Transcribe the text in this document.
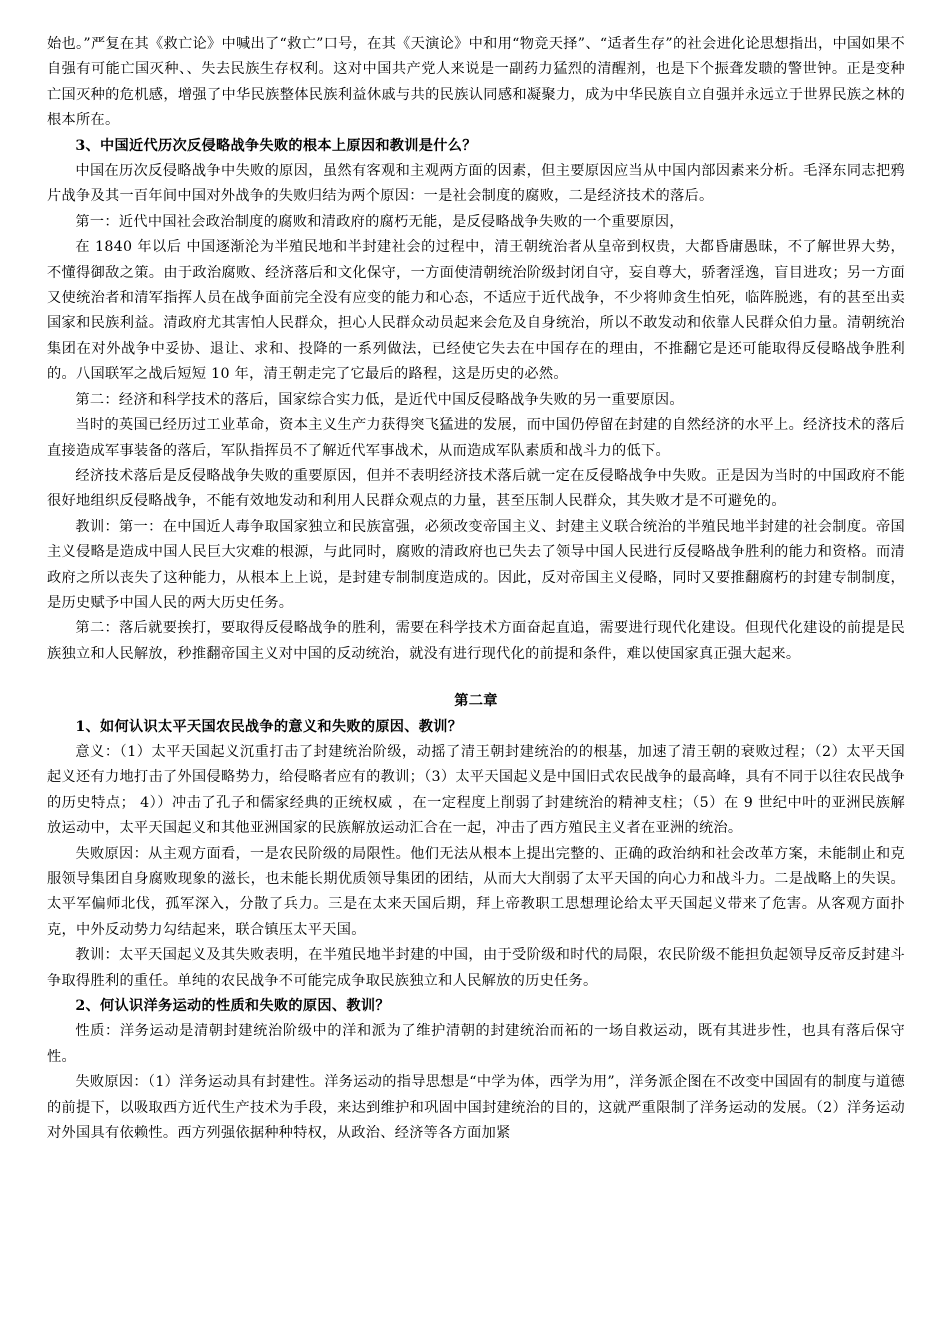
始也。”严复在其《救亡论》中喊出了“救亡”口号，在其《天演论》中和用“物竞天择”、“适者生存”的社会进化论思想指出，中国如果不自强有可能亡国灭种、、失去民族生存权利。这对中国共产党人来说是一副药力猛烈的清醒剂，也是下个振聋发聩的警世钟。正是变种亡国灭种的危机感，增强了中华民族整体民族利益休戚与共的民族认同感和凝聚力，成为中华民族自立自强并永远立于世界民族之林的根本所在。

3、中国近代历次反侵略战争失败的根本上原因和教训是什么？

中国在历次反侵略战争中失败的原因，虽然有客观和主观两方面的因素，但主要原因应当从中国内部因素来分析。毛泽东同志把鸦片战争及其一百年间中国对外战争的失败归结为两个原因：一是社会制度的腐败，二是经济技术的落后。

第一：近代中国社会政治制度的腐败和清政府的腐朽无能，是反侵略战争失败的一个重要原因，

在 1840 年以后 中国逐渐沦为半殖民地和半封建社会的过程中，清王朝统治者从皇帝到权贵，大都昏庸愚昧，不了解世界大势，不懂得御敌之策。由于政治腐败、经济落后和文化保守，一方面使清朝统治阶级封闭自守，妄自尊大，骄奢淫逸，盲目进攻；另一方面又使统治者和清军指挥人员在战争面前完全没有应变的能力和心态，不适应于近代战争，不少将帅贪生怕死，临阵脱逃，有的甚至出卖国家和民族利益。清政府尤其害怕人民群众，担心人民群众动员起来会危及自身统治，所以不敢发动和依靠人民群众伯力量。清朝统治集团在对外战争中妥协、退让、求和、投降的一系列做法，已经使它失去在中国存在的理由，不推翻它是还可能取得反侵略战争胜利的。八国联军之战后短短 10 年，清王朝走完了它最后的路程，这是历史的必然。

第二：经济和科学技术的落后，国家综合实力低，是近代中国反侵略战争失败的另一重要原因。

当时的英国已经历过工业革命，资本主义生产力获得突飞猛进的发展，而中国仍停留在封建的自然经济的水平上。经济技术的落后直接造成军事装备的落后，军队指挥员不了解近代军事战术，从而造成军队素质和战斗力的低下。

经济技术落后是反侵略战争失败的重要原因，但并不表明经济技术落后就一定在反侵略战争中失败。正是因为当时的中国政府不能很好地组织反侵略战争，不能有效地发动和利用人民群众观点的力量，甚至压制人民群众，其失败才是不可避免的。

教训：第一：在中国近人毒争取国家独立和民族富强，必须改变帝国主义、封建主义联合统治的半殖民地半封建的社会制度。帝国主义侵略是造成中国人民巨大灾难的根源，与此同时，腐败的清政府也已失去了领导中国人民进行反侵略战争胜利的能力和资格。而清政府之所以丧失了这种能力，从根本上上说，是封建专制制度造成的。因此，反对帝国主义侵略，同时又要推翻腐朽的封建专制制度，是历史赋予中国人民的两大历史任务。

第二：落后就要挨打，要取得反侵略战争的胜利，需要在科学技术方面奋起直追，需要进行现代化建设。但现代化建设的前提是民族独立和人民解放，秒推翻帝国主义对中国的反动统治，就没有进行现代化的前提和条件，难以使国家真正强大起来。

第二章

1、如何认识太平天国农民战争的意义和失败的原因、教训？

意义：（1）太平天国起义沉重打击了封建统治阶级，动摇了清王朝封建统治的的根基，加速了清王朝的衰败过程；（2）太平天国起义还有力地打击了外国侵略势力，给侵略者应有的教训；（3）太平天国起义是中国旧式农民战争的最高峰，具有不同于以往农民战争的历史特点； 4））冲击了孔子和儒家经典的正统权威 ，在一定程度上削弱了封建统治的精神支柱；（5）在 9 世纪中叶的亚洲民族解放运动中，太平天国起义和其他亚洲国家的民族解放运动汇合在一起，冲击了西方殖民主义者在亚洲的统治。

失败原因：从主观方面看，一是农民阶级的局限性。他们无法从根本上提出完整的、正确的政治纳和社会改革方案，未能制止和克服领导集团自身腐败现象的滋长，也未能长期优质领导集团的团结，从而大大削弱了太平天国的向心力和战斗力。二是战略上的失误。太平军偏师北伐，孤军深入，分散了兵力。三是在太来天国后期，拜上帝教职工思想理论给太平天国起义带来了危害。从客观方面扑克，中外反动势力勾结起来，联合镇压太平天国。

教训：太平天国起义及其失败表明，在半殖民地半封建的中国，由于受阶级和时代的局限，农民阶级不能担负起领导反帝反封建斗争取得胜利的重任。单纯的农民战争不可能完成争取民族独立和人民解放的历史任务。

2、何认识洋务运动的性质和失败的原因、教训？

性质：洋务运动是清朝封建统治阶级中的洋和派为了维护清朝的封建统治而袥的一场自救运动，既有其进步性，也具有落后保守性。

失败原因：（1）洋务运动具有封建性。洋务运动的指导思想是“中学为体，西学为用”，洋务派企图在不改变中国固有的制度与道德的前提下，以吸取西方近代生产技术为手段，来达到维护和巩固中国封建统治的目的，这就严重限制了洋务运动的发展。（2）洋务运动对外国具有依赖性。西方列强依据种种特权，从政治、经济等各方面加紧
